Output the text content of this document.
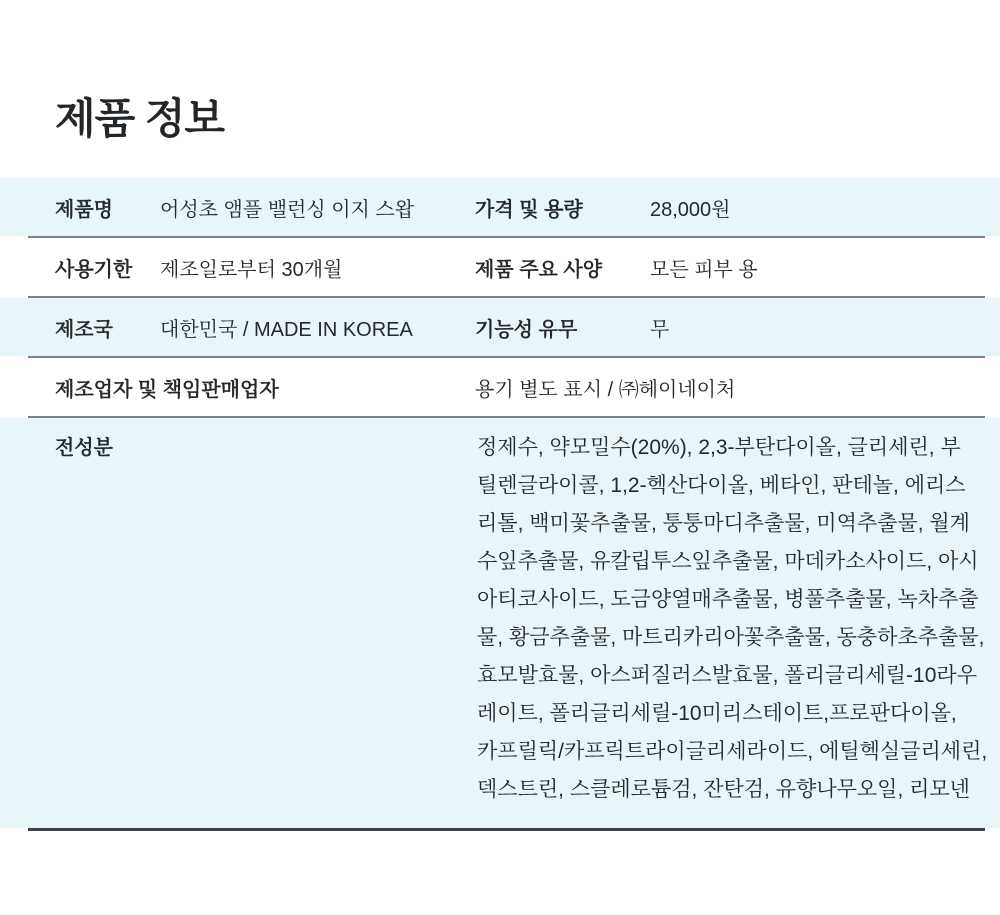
제품 정보
제품명	어성초 앰플 밸런싱 이지 스왑	가격 및 용량	28,000원
사용기한	제조일로부터 30개월	제품 주요 사양	모든 피부 용
제조국	대한민국 / MADE IN KOREA	기능성 유무	무
제조업자 및 책임판매업자	용기 별도 표시 / ㈜헤이네이처
전성분	정제수, 약모밀수(20%), 2,3-부탄다이올, 글리세린, 부
틸렌글라이콜, 1,2-헥산다이올, 베타인, 판테놀, 에리스
리톨, 백미꽃추출물, 퉁퉁마디추출물, 미역추출물, 월계
수잎추출물, 유칼립투스잎추출물, 마데카소사이드, 아시
아티코사이드, 도금양열매추출물, 병풀추출물, 녹차추출
물, 황금추출물, 마트리카리아꽃추출물, 동충하초추출물,
효모발효물, 아스퍼질러스발효물, 폴리글리세릴-10라우
레이트, 폴리글리세릴-10미리스테이트,프로판다이올,
카프릴릭/카프릭트라이글리세라이드, 에틸헥실글리세린,
덱스트린, 스클레로튬검, 잔탄검, 유향나무오일, 리모넨
